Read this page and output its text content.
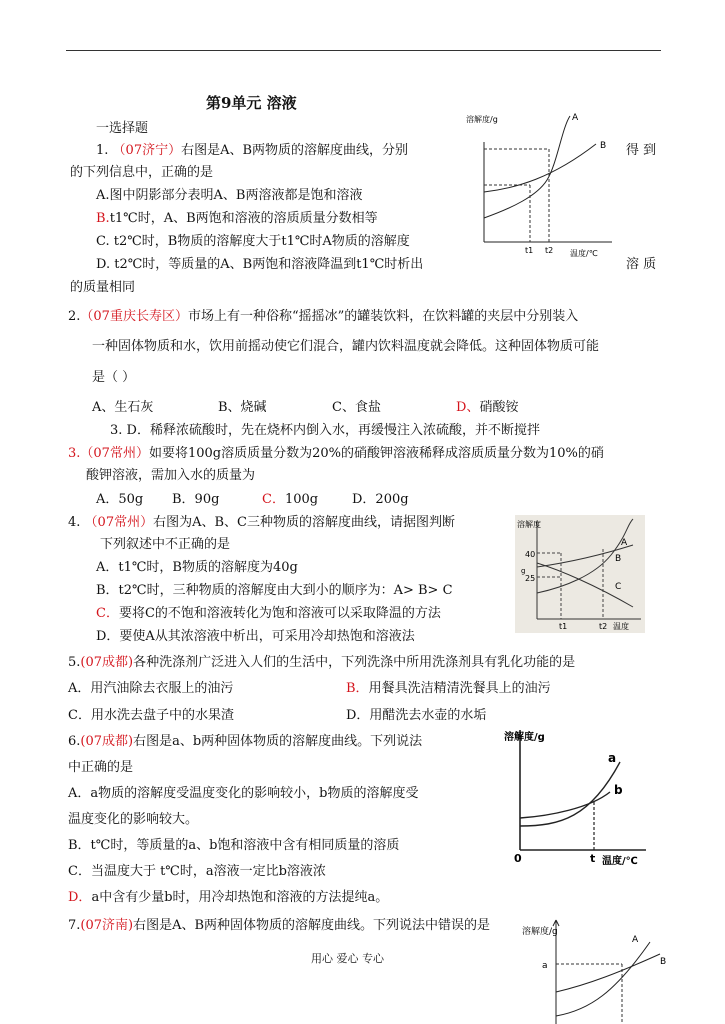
第9单元 溶液
一选择题
1. （07济宁）右图是A、B两物质的溶解度曲线，分别	得 到
的下列信息中，正确的是
A.图中阴影部分表明A、B两溶液都是饱和溶液
B.t1℃时，A、B两饱和溶液的溶质质量分数相等
C. t2℃时，B物质的溶解度大于t1℃时A物质的溶解度
D. t2℃时，等质量的A、B两饱和溶液降温到t1℃时析出	溶 质
的质量相同
溶解度/g
温度/℃
t1 t2
A
B
2.（07重庆长寿区）市场上有一种俗称“摇摇冰”的罐装饮料，在饮料罐的夹层中分别装入
一种固体物质和水，饮用前摇动使它们混合，罐内饮料温度就会降低。这种固体物质可能
是（ ）
A、生石灰	B、烧碱	C、食盐	D、硝酸铵
3. D．稀释浓硫酸时，先在烧杯内倒入水，再缓慢注入浓硫酸，并不断搅拌
3.（07常州）如要将100g溶质质量分数为20%的硝酸钾溶液稀释成溶质质量分数为10%的硝
酸钾溶液，需加入水的质量为
A．50g B．90g	C．100g	D．200g
4. （07常州）右图为A、B、C三种物质的溶解度曲线，请据图判断
下列叙述中不正确的是
A．t1℃时，B物质的溶解度为40g
B．t2℃时，三种物质的溶解度由大到小的顺序为：A> B> C
C．要将C的不饱和溶液转化为饱和溶液可以采取降温的方法
D．要使A从其浓溶液中析出，可采用冷却热饱和溶液法
溶解度
40
25
g
t1	t2 温度
A
B
C
5.(07成都)各种洗涤剂广泛进入人们的生活中，下列洗涤中所用洗涤剂具有乳化功能的是
A．用汽油除去衣服上的油污	B．用餐具洗洁精清洗餐具上的油污
C．用水洗去盘子中的水果渣	D．用醋洗去水壶的水垢
6.(07成都)右图是a、b两种固体物质的溶解度曲线。下列说法
中正确的是
A．a物质的溶解度受温度变化的影响较小，b物质的溶解度受
温度变化的影响较大。
B．t℃时，等质量的a、b饱和溶液中含有相同质量的溶质
C．当温度大于 t℃时，a溶液一定比b溶液浓
D．a中含有少量b时，用冷却热饱和溶液的方法提纯a。
溶解度/g
温度/℃
0	t
a
b
7.(07济南)右图是A、B两种固体物质的溶解度曲线。下列说法中错误的是	溶解度/g
a
A
B
用心 爱心 专心
